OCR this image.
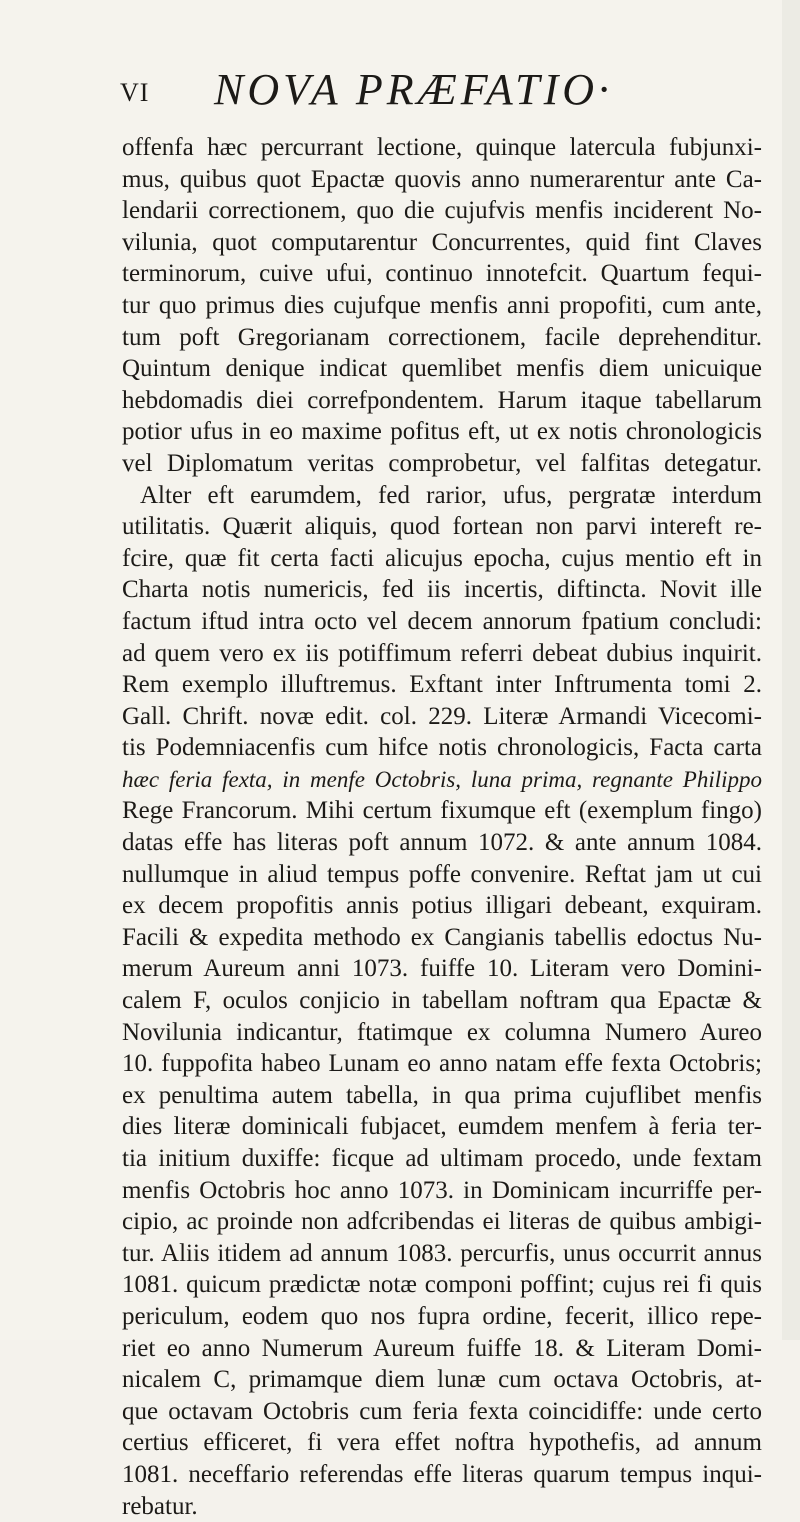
VI NOVA PRÆFATIO·
offenfa hæc percurrant lectione, quinque latercula fubjunxi-
mus, quibus quot Epactæ quovis anno numerarentur ante Ca-
lendarii correctionem, quo die cujufvis menfis inciderent No-
vilunia, quot computarentur Concurrentes, quid fint Claves
terminorum, cuive ufui, continuo innotefcit. Quartum fequi-
tur quo primus dies cujufque menfis anni propofiti, cum ante,
tum poft Gregorianam correctionem, facile deprehenditur.
Quintum denique indicat quemlibet menfis diem unicuique
hebdomadis diei correfpondentem. Harum itaque tabellarum
potior ufus in eo maxime pofitus eft, ut ex notis chronologicis
vel Diplomatum veritas comprobetur, vel falfitas detegatur.
Alter eft earumdem, fed rarior, ufus, pergratæ interdum
utilitatis. Quærit aliquis, quod fortean non parvi intereft re-
fcire, quæ fit certa facti alicujus epocha, cujus mentio eft in
Charta notis numericis, fed iis incertis, diftincta. Novit ille
factum iftud intra octo vel decem annorum fpatium concludi:
ad quem vero ex iis potiffimum referri debeat dubius inquirit.
Rem exemplo illuftremus. Exftant inter Inftrumenta tomi 2.
Gall. Chrift. novæ edit. col. 229. Literæ Armandi Vicecomi-
tis Podemniacenfis cum hifce notis chronologicis, Facta carta
hæc feria fexta, in menfe Octobris, luna prima, regnante Philippo
Rege Francorum. Mihi certum fixumque eft (exemplum fingo)
datas effe has literas poft annum 1072. & ante annum 1084.
nullumque in aliud tempus poffe convenire. Reftat jam ut cui
ex decem propofitis annis potius illigari debeant, exquiram.
Facili & expedita methodo ex Cangianis tabellis edoctus Nu-
merum Aureum anni 1073. fuiffe 10. Literam vero Domini-
calem F, oculos conjicio in tabellam noftram qua Epactæ &
Novilunia indicantur, ftatimque ex columna Numero Aureo
10. fuppofita habeo Lunam eo anno natam effe fexta Octobris;
ex penultima autem tabella, in qua prima cujuflibet menfis
dies literæ dominicali fubjacet, eumdem menfem à feria ter-
tia initium duxiffe: ficque ad ultimam procedo, unde fextam
menfis Octobris hoc anno 1073. in Dominicam incurriffe per-
cipio, ac proinde non adfcribendas ei literas de quibus ambigi-
tur. Aliis itidem ad annum 1083. percurfis, unus occurrit annus
1081. quicum prædictæ notæ componi poffint; cujus rei fi quis
periculum, eodem quo nos fupra ordine, fecerit, illico repe-
riet eo anno Numerum Aureum fuiffe 18. & Literam Domi-
nicalem C, primamque diem lunæ cum octava Octobris, at-
que octavam Octobris cum feria fexta coincidiffe: unde certo
certius efficeret, fi vera effet noftra hypothefis, ad annum
1081. neceffario referendas effe literas quarum tempus inqui-
rebatur.
